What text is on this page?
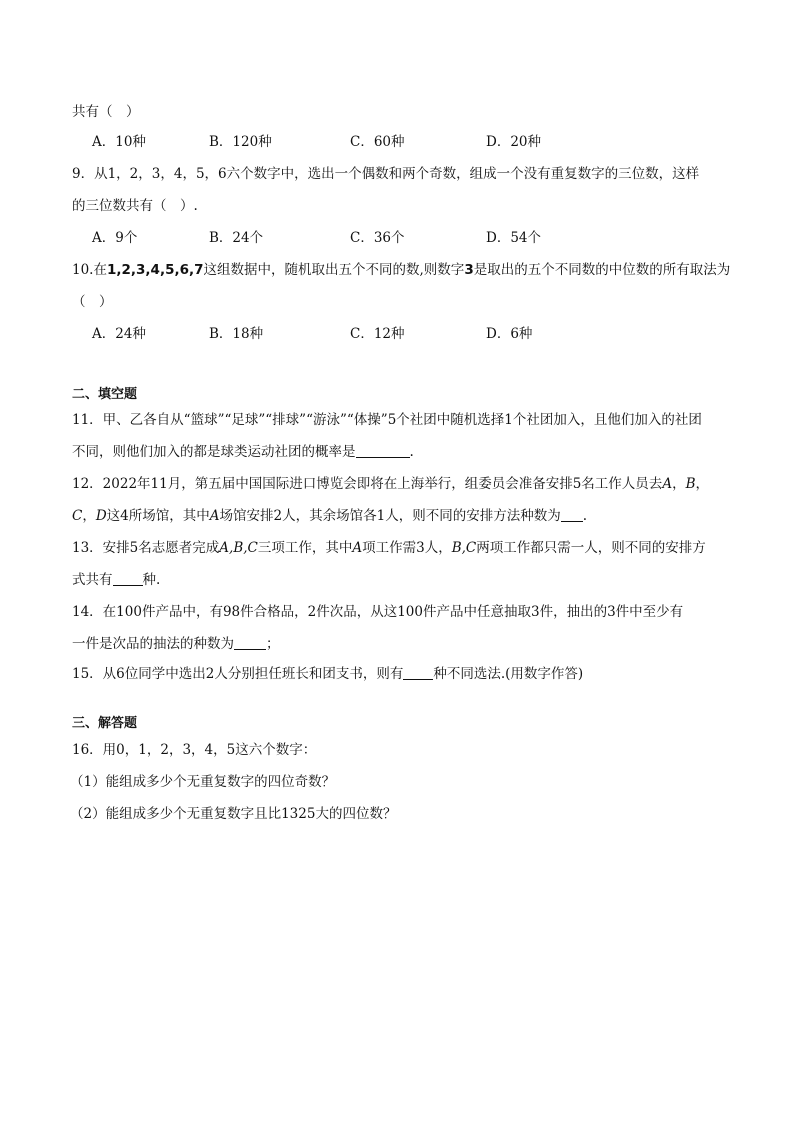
共有（　）
A．10种	B．120种	C．60种	D．20种
9．从1，2，3，4，5，6六个数字中，选出一个偶数和两个奇数，组成一个没有重复数字的三位数，这样
的三位数共有（　）.
A．9个	B．24个	C．36个	D．54个
10.在1,2,3,4,5,6,7这组数据中，随机取出五个不同的数,则数字3是取出的五个不同数的中位数的所有取法为
（　）
A．24种	B．18种	C．12种	D．6种
二、填空题
11．甲、乙各自从“篮球”“足球”“排球”“游泳”“体操”5个社团中随机选择1个社团加入，且他们加入的社团
不同，则他们加入的都是球类运动社团的概率是	.
12．2022年11月，第五届中国国际进口博览会即将在上海举行，组委员会准备安排5名工作人员去A，B，
C，D这4所场馆，其中A场馆安排2人，其余场馆各1人，则不同的安排方法种数为 .
13．安排5名志愿者完成A,B,C三项工作，其中A项工作需3人，B,C两项工作都只需一人，则不同的安排方
式共有 种.
14．在100件产品中，有98件合格品，2件次品，从这100件产品中任意抽取3件，抽出的3件中至少有
一件是次品的抽法的种数为 ；
15．从6位同学中选出2人分别担任班长和团支书，则有 种不同选法.(用数字作答)
三、解答题
16．用0，1，2，3，4，5这六个数字：
（1）能组成多少个无重复数字的四位奇数？
（2）能组成多少个无重复数字且比1325大的四位数？
